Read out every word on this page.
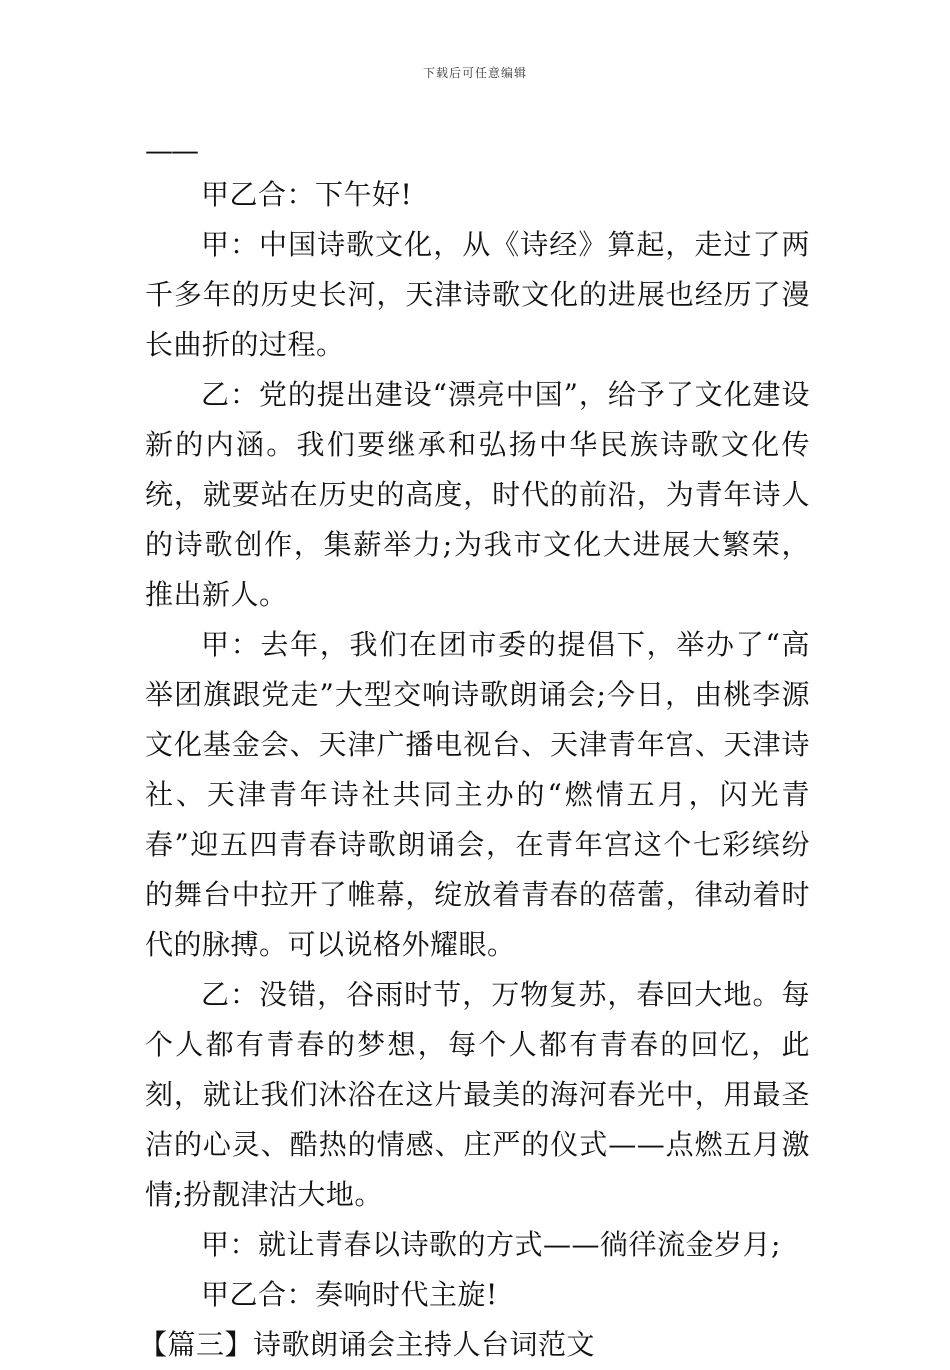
下载后可任意编辑

——

甲乙合：下午好!

甲：中国诗歌文化，从《诗经》算起，走过了两千多年的历史长河，天津诗歌文化的进展也经历了漫长曲折的过程。

乙：党的提出建设“漂亮中国”，给予了文化建设新的内涵。我们要继承和弘扬中华民族诗歌文化传统，就要站在历史的高度，时代的前沿，为青年诗人的诗歌创作，集薪举力;为我市文化大进展大繁荣，推出新人。

甲：去年，我们在团市委的提倡下，举办了“高举团旗跟党走”大型交响诗歌朗诵会;今日，由桃李源文化基金会、天津广播电视台、天津青年宫、天津诗社、天津青年诗社共同主办的“燃情五月，闪光青春”迎五四青春诗歌朗诵会，在青年宫这个七彩缤纷的舞台中拉开了帷幕，绽放着青春的蓓蕾，律动着时代的脉搏。可以说格外耀眼。

乙：没错，谷雨时节，万物复苏，春回大地。每个人都有青春的梦想，每个人都有青春的回忆，此刻，就让我们沐浴在这片最美的海河春光中，用最圣洁的心灵、酷热的情感、庄严的仪式——点燃五月激情;扮靓津沽大地。

甲：就让青春以诗歌的方式——徜徉流金岁月;

甲乙合：奏响时代主旋!

【篇三】诗歌朗诵会主持人台词范文
